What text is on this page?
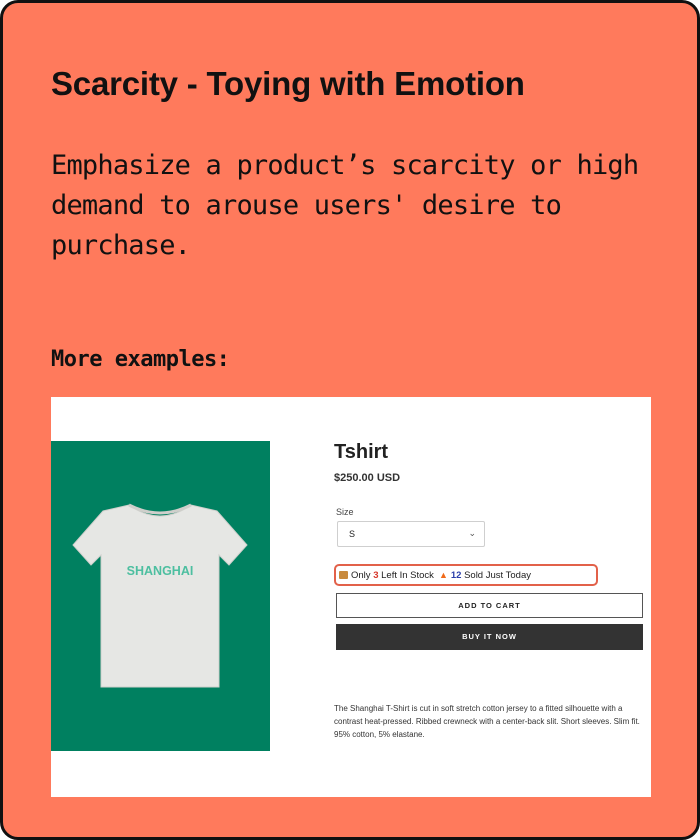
Scarcity - Toying with Emotion
Emphasize a product’s scarcity or high demand to arouse users' desire to purchase.
More examples:
SHANGHAI
Tshirt
$250.00 USD
Size
S	⌄
Only 3 Left In Stock ▲ 12 Sold Just Today
ADD TO CART
BUY IT NOW
The Shanghai T-Shirt is cut in soft stretch cotton jersey to a fitted silhouette with a contrast heat-pressed. Ribbed crewneck with a center-back slit. Short sleeves. Slim fit. 95% cotton, 5% elastane.
